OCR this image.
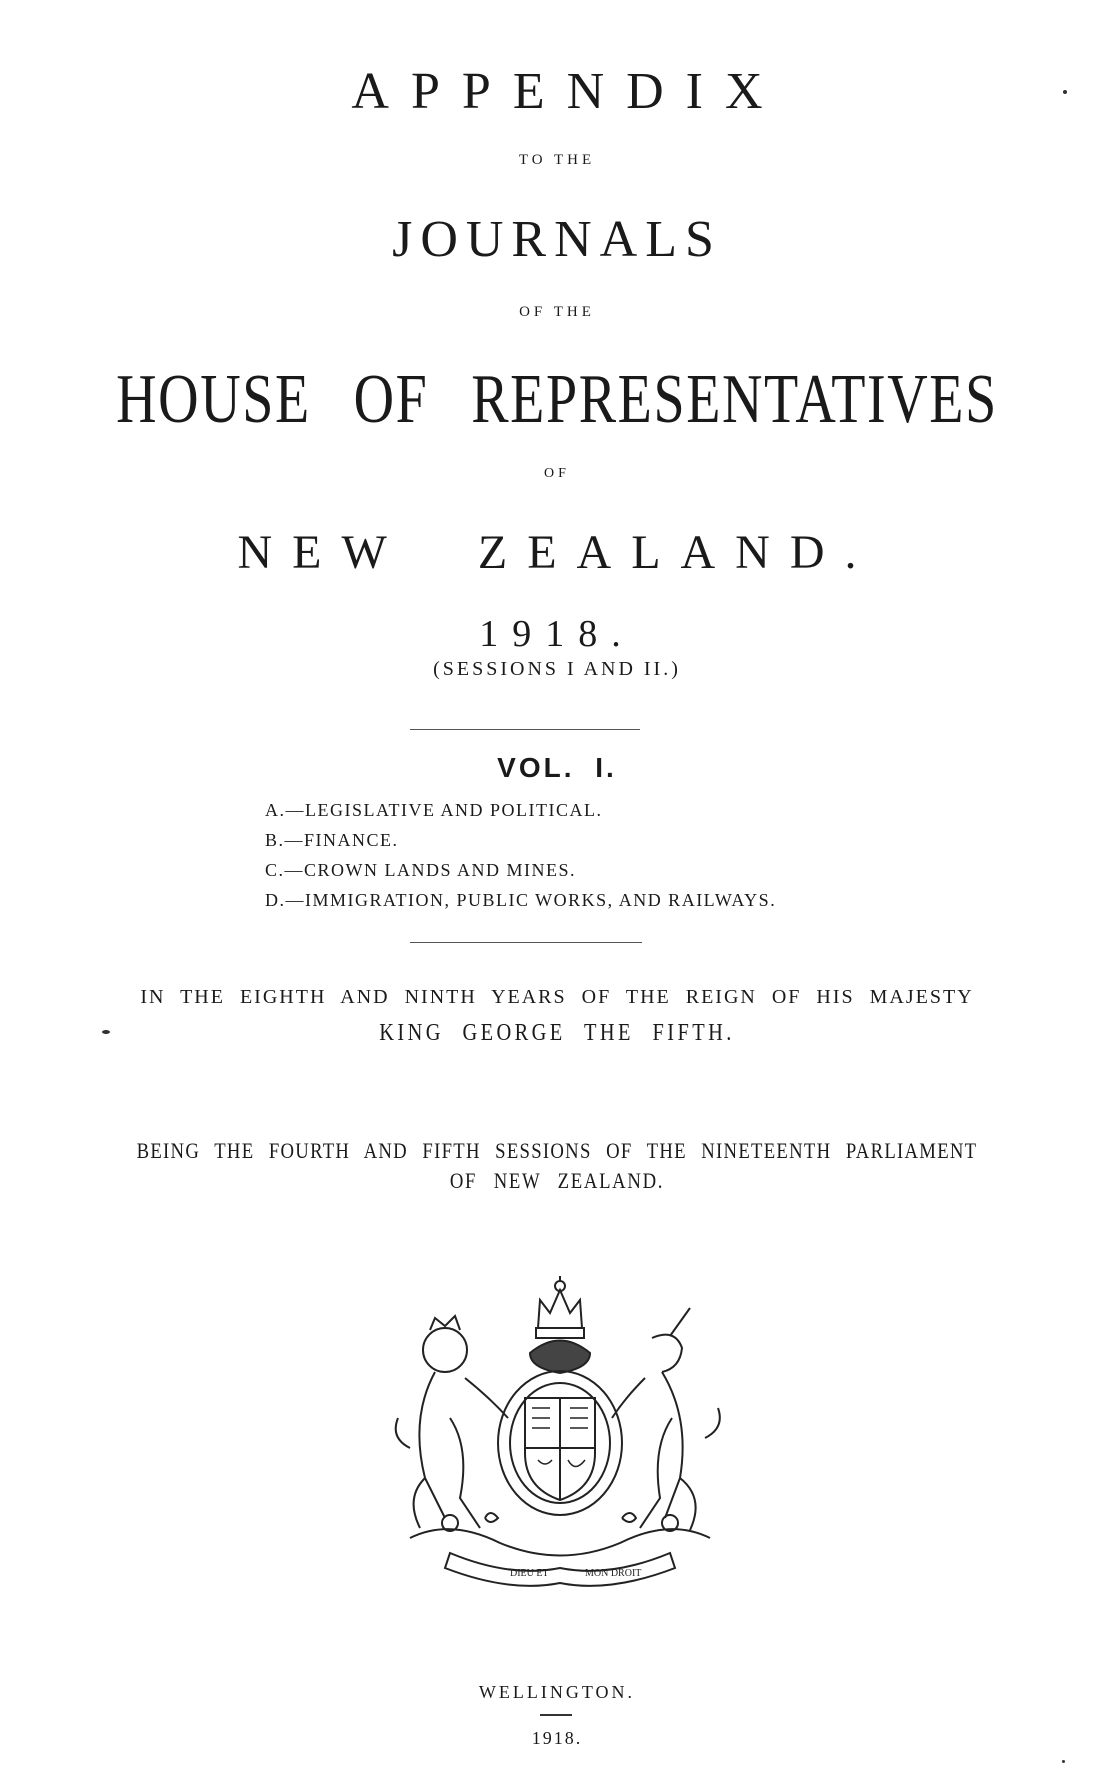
APPENDIX
TO THE
JOURNALS
OF THE
HOUSE OF REPRESENTATIVES
OF
NEW ZEALAND.
1918.
(SESSIONS I AND II.)
VOL. I.
A.—LEGISLATIVE AND POLITICAL.
B.—FINANCE.
C.—CROWN LANDS AND MINES.
D.—IMMIGRATION, PUBLIC WORKS, AND RAILWAYS.
IN THE EIGHTH AND NINTH YEARS OF THE REIGN OF HIS MAJESTY
KING GEORGE THE FIFTH.
BEING THE FOURTH AND FIFTH SESSIONS OF THE NINETEENTH PARLIAMENT
OF NEW ZEALAND.
DIEU ET	MON DROIT
WELLINGTON.
1918.
